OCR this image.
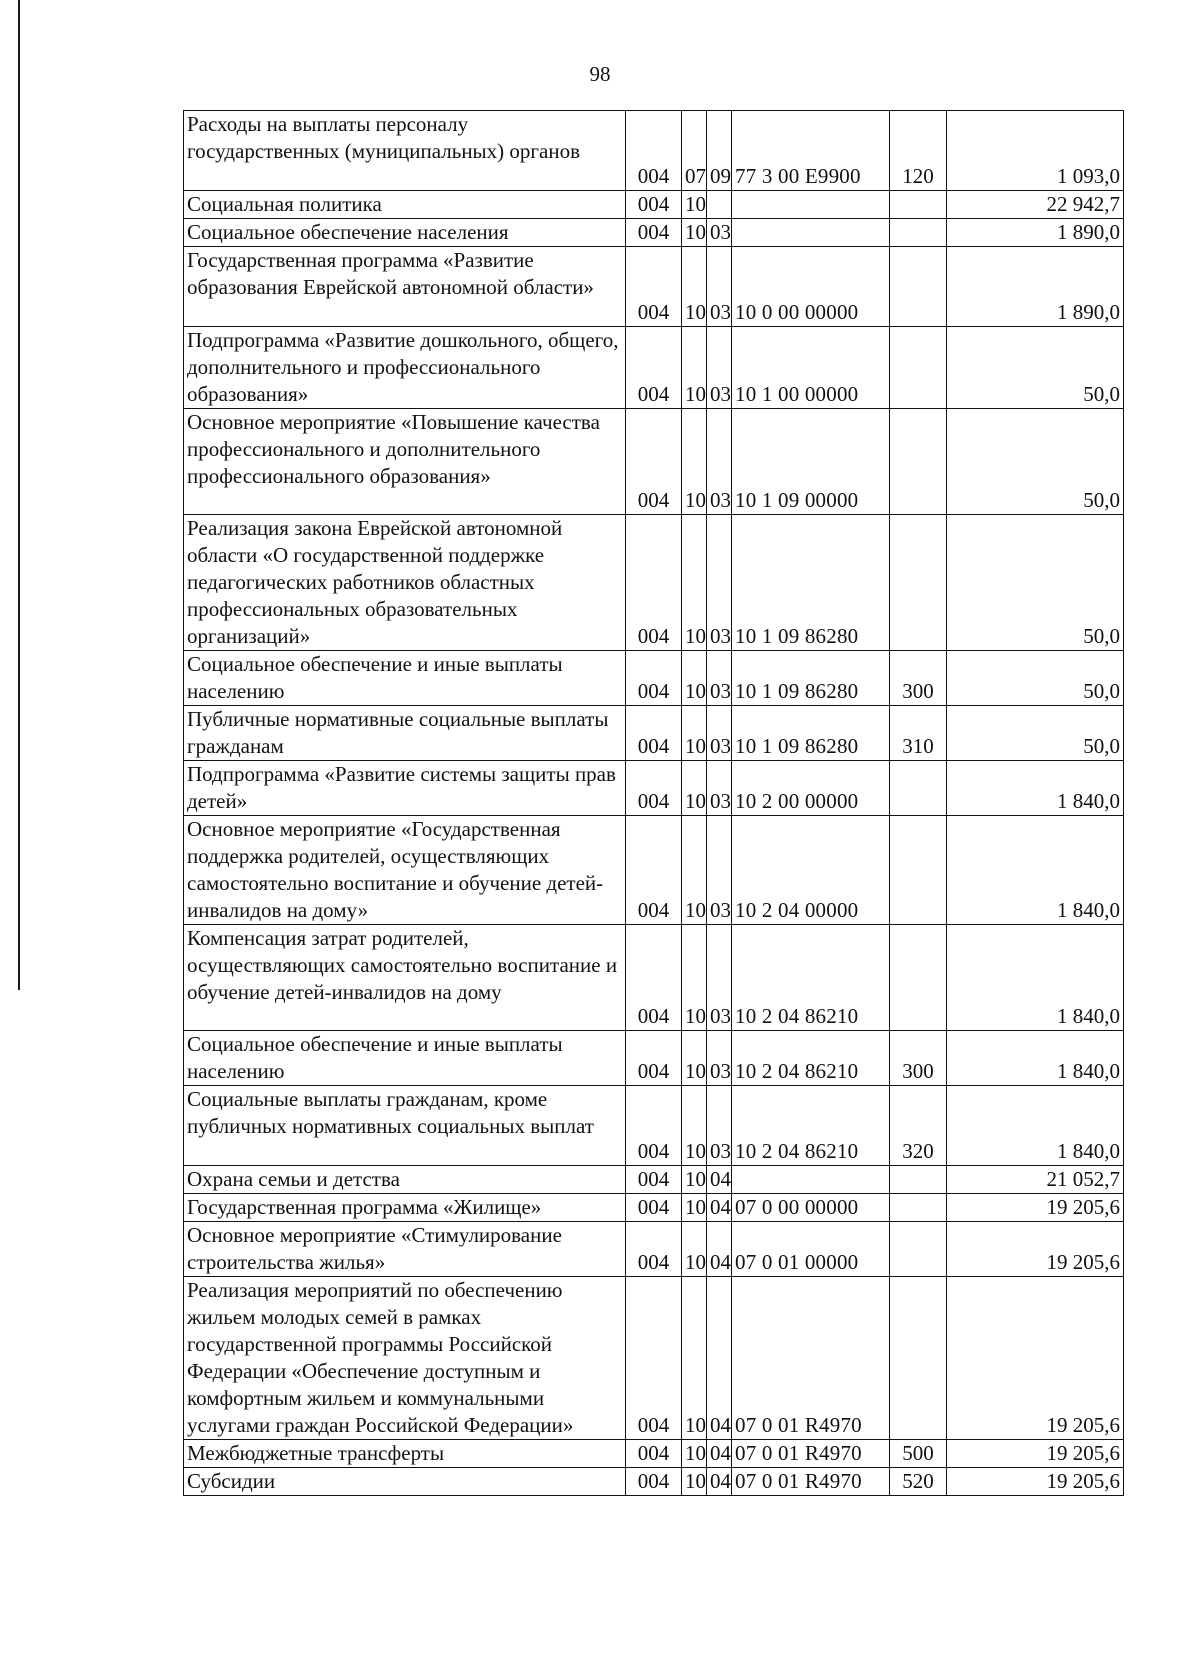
98
Расходы на выплаты персоналу государственных (муниципальных) органов	004	07	09	77 3 00 Е9900	120	1 093,0
Социальная политика	004	10				22 942,7
Социальное обеспечение населения	004	10	03			1 890,0
Государственная программа «Развитие образования Еврейской автономной области»	004	10	03	10 0 00 00000		1 890,0
Подпрограмма «Развитие дошкольного, общего, дополнительного и профессионального образования»	004	10	03	10 1 00 00000		50,0
Основное мероприятие «Повышение качества профессионального и дополнительного профессионального образования»	004	10	03	10 1 09 00000		50,0
Реализация закона Еврейской автономной области «О государственной поддержке педагогических работников областных профессиональных образовательных организаций»	004	10	03	10 1 09 86280		50,0
Социальное обеспечение и иные выплаты населению	004	10	03	10 1 09 86280	300	50,0
Публичные нормативные социальные выплаты гражданам	004	10	03	10 1 09 86280	310	50,0
Подпрограмма «Развитие системы защиты прав детей»	004	10	03	10 2 00 00000		1 840,0
Основное мероприятие «Государственная поддержка родителей, осуществляющих самостоятельно воспитание и обучение детей-инвалидов на дому»	004	10	03	10 2 04 00000		1 840,0
Компенсация затрат родителей, осуществляющих самостоятельно воспитание и обучение детей-инвалидов на дому	004	10	03	10 2 04 86210		1 840,0
Социальное обеспечение и иные выплаты населению	004	10	03	10 2 04 86210	300	1 840,0
Социальные выплаты гражданам, кроме публичных нормативных социальных выплат	004	10	03	10 2 04 86210	320	1 840,0
Охрана семьи и детства	004	10	04			21 052,7
Государственная программа «Жилище»	004	10	04	07 0 00 00000		19 205,6
Основное мероприятие «Стимулирование строительства жилья»	004	10	04	07 0 01 00000		19 205,6
Реализация мероприятий по обеспечению жильем молодых семей в рамках государственной программы Российской Федерации «Обеспечение доступным и комфортным жильем и коммунальными услугами граждан Российской Федерации»	004	10	04	07 0 01 R4970		19 205,6
Межбюджетные трансферты	004	10	04	07 0 01 R4970	500	19 205,6
Субсидии	004	10	04	07 0 01 R4970	520	19 205,6
